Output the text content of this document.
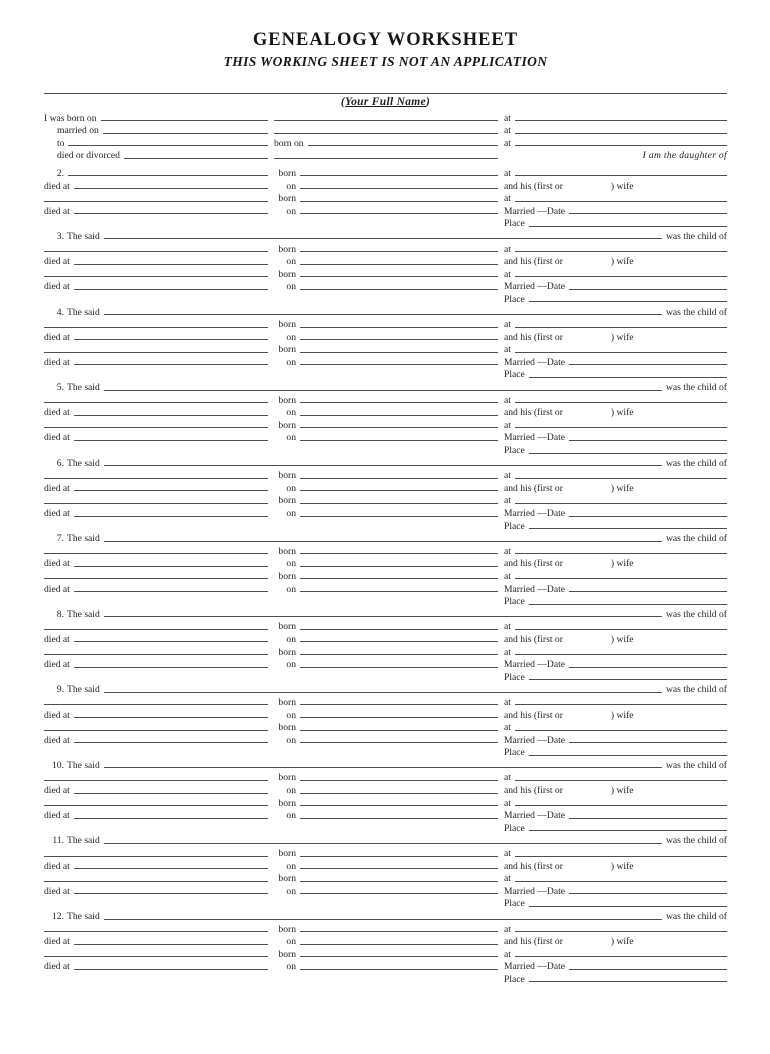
GENEALOGY WORKSHEET
THIS WORKING SHEET IS NOT AN APPLICATION
(Your Full Name)
I was born on	at
married on	at
to	born on	at
died or divorced	I am the daughter of
2.	born	at
died at	on	and his (first or	) wife
born	at
died at	on	Married —Date
Place
3. The said	was the child of
born	at
died at	on	and his (first or	) wife
born	at
died at	on	Married —Date
Place
4. The said	was the child of
born	at
died at	on	and his (first or	) wife
born	at
died at	on	Married —Date
Place
5. The said	was the child of
born	at
died at	on	and his (first or	) wife
born	at
died at	on	Married —Date
Place
6. The said	was the child of
born	at
died at	on	and his (first or	) wife
born	at
died at	on	Married —Date
Place
7. The said	was the child of
born	at
died at	on	and his (first or	) wife
born	at
died at	on	Married —Date
Place
8. The said	was the child of
born	at
died at	on	and his (first or	) wife
born	at
died at	on	Married —Date
Place
9. The said	was the child of
born	at
died at	on	and his (first or	) wife
born	at
died at	on	Married —Date
Place
10. The said	was the child of
born	at
died at	on	and his (first or	) wife
born	at
died at	on	Married —Date
Place
11. The said	was the child of
born	at
died at	on	and his (first or	) wife
born	at
died at	on	Married —Date
Place
12. The said	was the child of
born	at
died at	on	and his (first or	) wife
born	at
died at	on	Married —Date
Place
